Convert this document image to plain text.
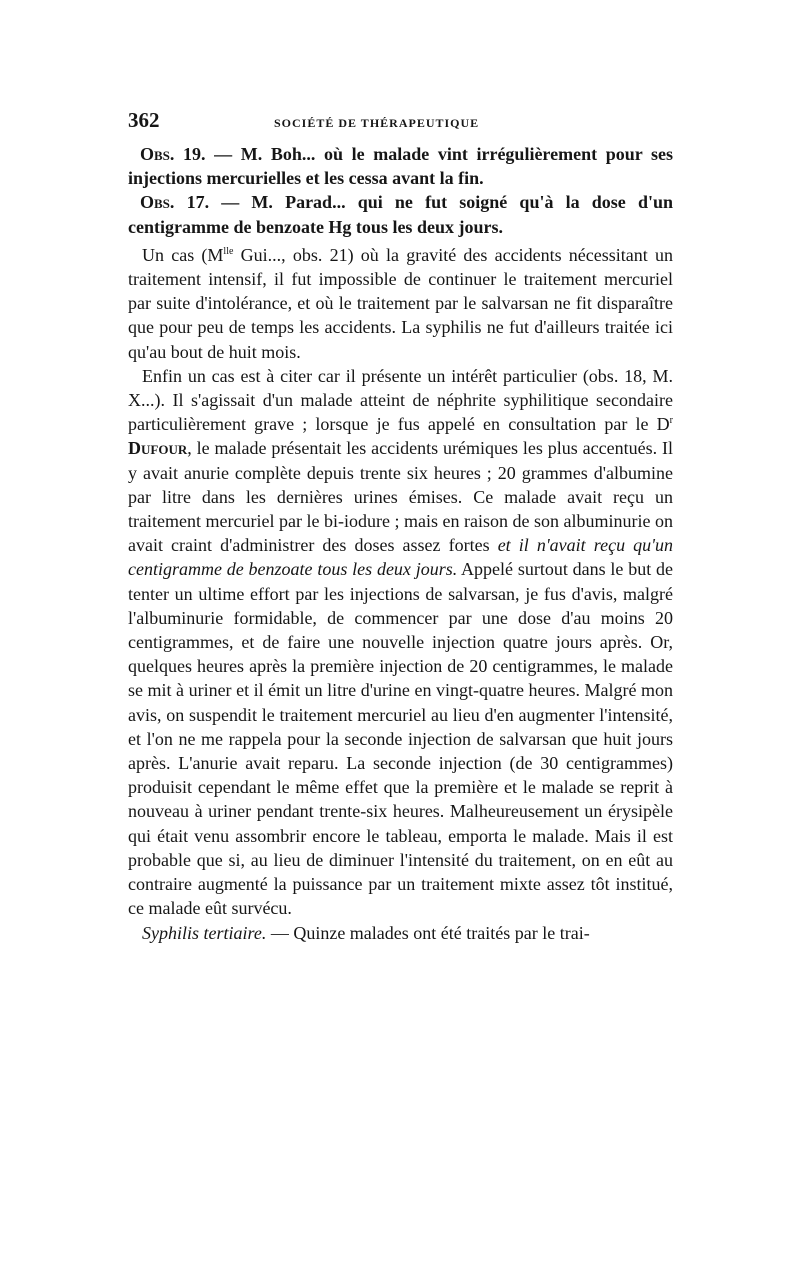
362	SOCIÉTÉ DE THÉRAPEUTIQUE

Obs. 19. — M. Boh... où le malade vint irrégulièrement pour ses injections mercurielles et les cessa avant la fin.

Obs. 17. — M. Parad... qui ne fut soigné qu'à la dose d'un centigramme de benzoate Hg tous les deux jours.

Un cas ($M^{lle}$ Gui..., obs. 21) où la gravité des accidents nécessitant un traitement intensif, il fut impossible de continuer le traitement mercuriel par suite d'intolérance, et où le traitement par le salvarsan ne fit disparaître que pour peu de temps les accidents. La syphilis ne fut d'ailleurs traitée ici qu'au bout de huit mois.

Enfin un cas est à citer car il présente un intérêt particulier (obs. 18, M. X...). Il s'agissait d'un malade atteint de néphrite syphilitique secondaire particulièrement grave ; lorsque je fus appelé en consultation par le $D^r$ Dufour, le malade présentait les accidents urémiques les plus accentués. Il y avait anurie complète depuis trente six heures ; 20 grammes d'albumine par litre dans les dernières urines émises. Ce malade avait reçu un traitement mercuriel par le bi-iodure ; mais en raison de son albuminurie on avait craint d'administrer des doses assez fortes et il n'avait reçu qu'un centigramme de benzoate tous les deux jours. Appelé surtout dans le but de tenter un ultime effort par les injections de salvarsan, je fus d'avis, malgré l'albuminurie formidable, de commencer par une dose d'au moins 20 centigrammes, et de faire une nouvelle injection quatre jours après. Or, quelques heures après la première injection de 20 centigrammes, le malade se mit à uriner et il émit un litre d'urine en vingt-quatre heures. Malgré mon avis, on suspendit le traitement mercuriel au lieu d'en augmenter l'intensité, et l'on ne me rappela pour la seconde injection de salvarsan que huit jours après. L'anurie avait reparu. La seconde injection (de 30 centigrammes) produisit cependant le même effet que la première et le malade se reprit à nouveau à uriner pendant trente-six heures. Malheureusement un érysipèle qui était venu assombrir encore le tableau, emporta le malade. Mais il est probable que si, au lieu de diminuer l'intensité du traitement, on en eût au contraire augmenté la puissance par un traitement mixte assez tôt institué, ce malade eût survécu.

Syphilis tertiaire. — Quinze malades ont été traités par le trai-
